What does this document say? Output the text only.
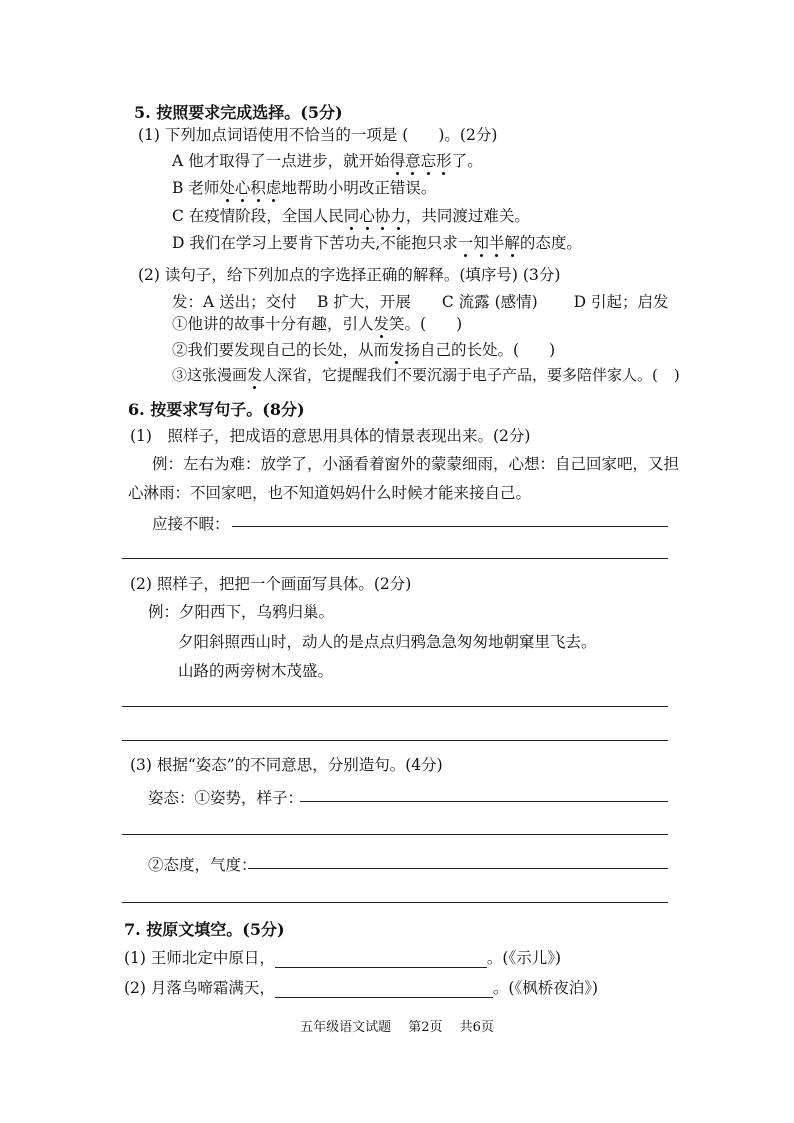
5. 按照要求完成选择。(5分)
(1) 下列加点词语使用不恰当的一项是 ( )。(2分)
A 他才取得了一点进步，就开始得意忘形了。
B 老师处心积虑地帮助小明改正错误。
C 在疫情阶段，全国人民同心协力，共同渡过难关。
D 我们在学习上要肯下苦功夫,不能抱只求一知半解的态度。
(2) 读句子，给下列加点的字选择正确的解释。(填序号) (3分)
发：A 送出；交付　 B 扩大，开展　　C 流露 (感情)　　 D 引起；启发
①他讲的故事十分有趣，引人发笑。( )
②我们要发现自己的长处，从而发扬自己的长处。( )
③这张漫画发人深省，它提醒我们不要沉溺于电子产品，要多陪伴家人。( )
6. 按要求写句子。(8分)
(1)　照样子，把成语的意思用具体的情景表现出来。(2分)
例：左右为难：放学了，小涵看着窗外的蒙蒙细雨，心想：自己回家吧，又担
心淋雨：不回家吧，也不知道妈妈什么时候才能来接自己。
应接不暇：
(2) 照样子，把把一个画面写具体。(2分)
例：夕阳西下，乌鸦归巢。
夕阳斜照西山时，动人的是点点归鸦急急匆匆地朝窠里飞去。
山路的两旁树木茂盛。
(3) 根据“姿态”的不同意思，分别造句。(4分)
姿态：①姿势，样子：
②态度，气度：
7. 按原文填空。(5分)
(1) 王师北定中原日，	。(《示儿》)
(2) 月落乌啼霜满天，	。(《枫桥夜泊》)
五年级语文试题　 第2页　 共6页
